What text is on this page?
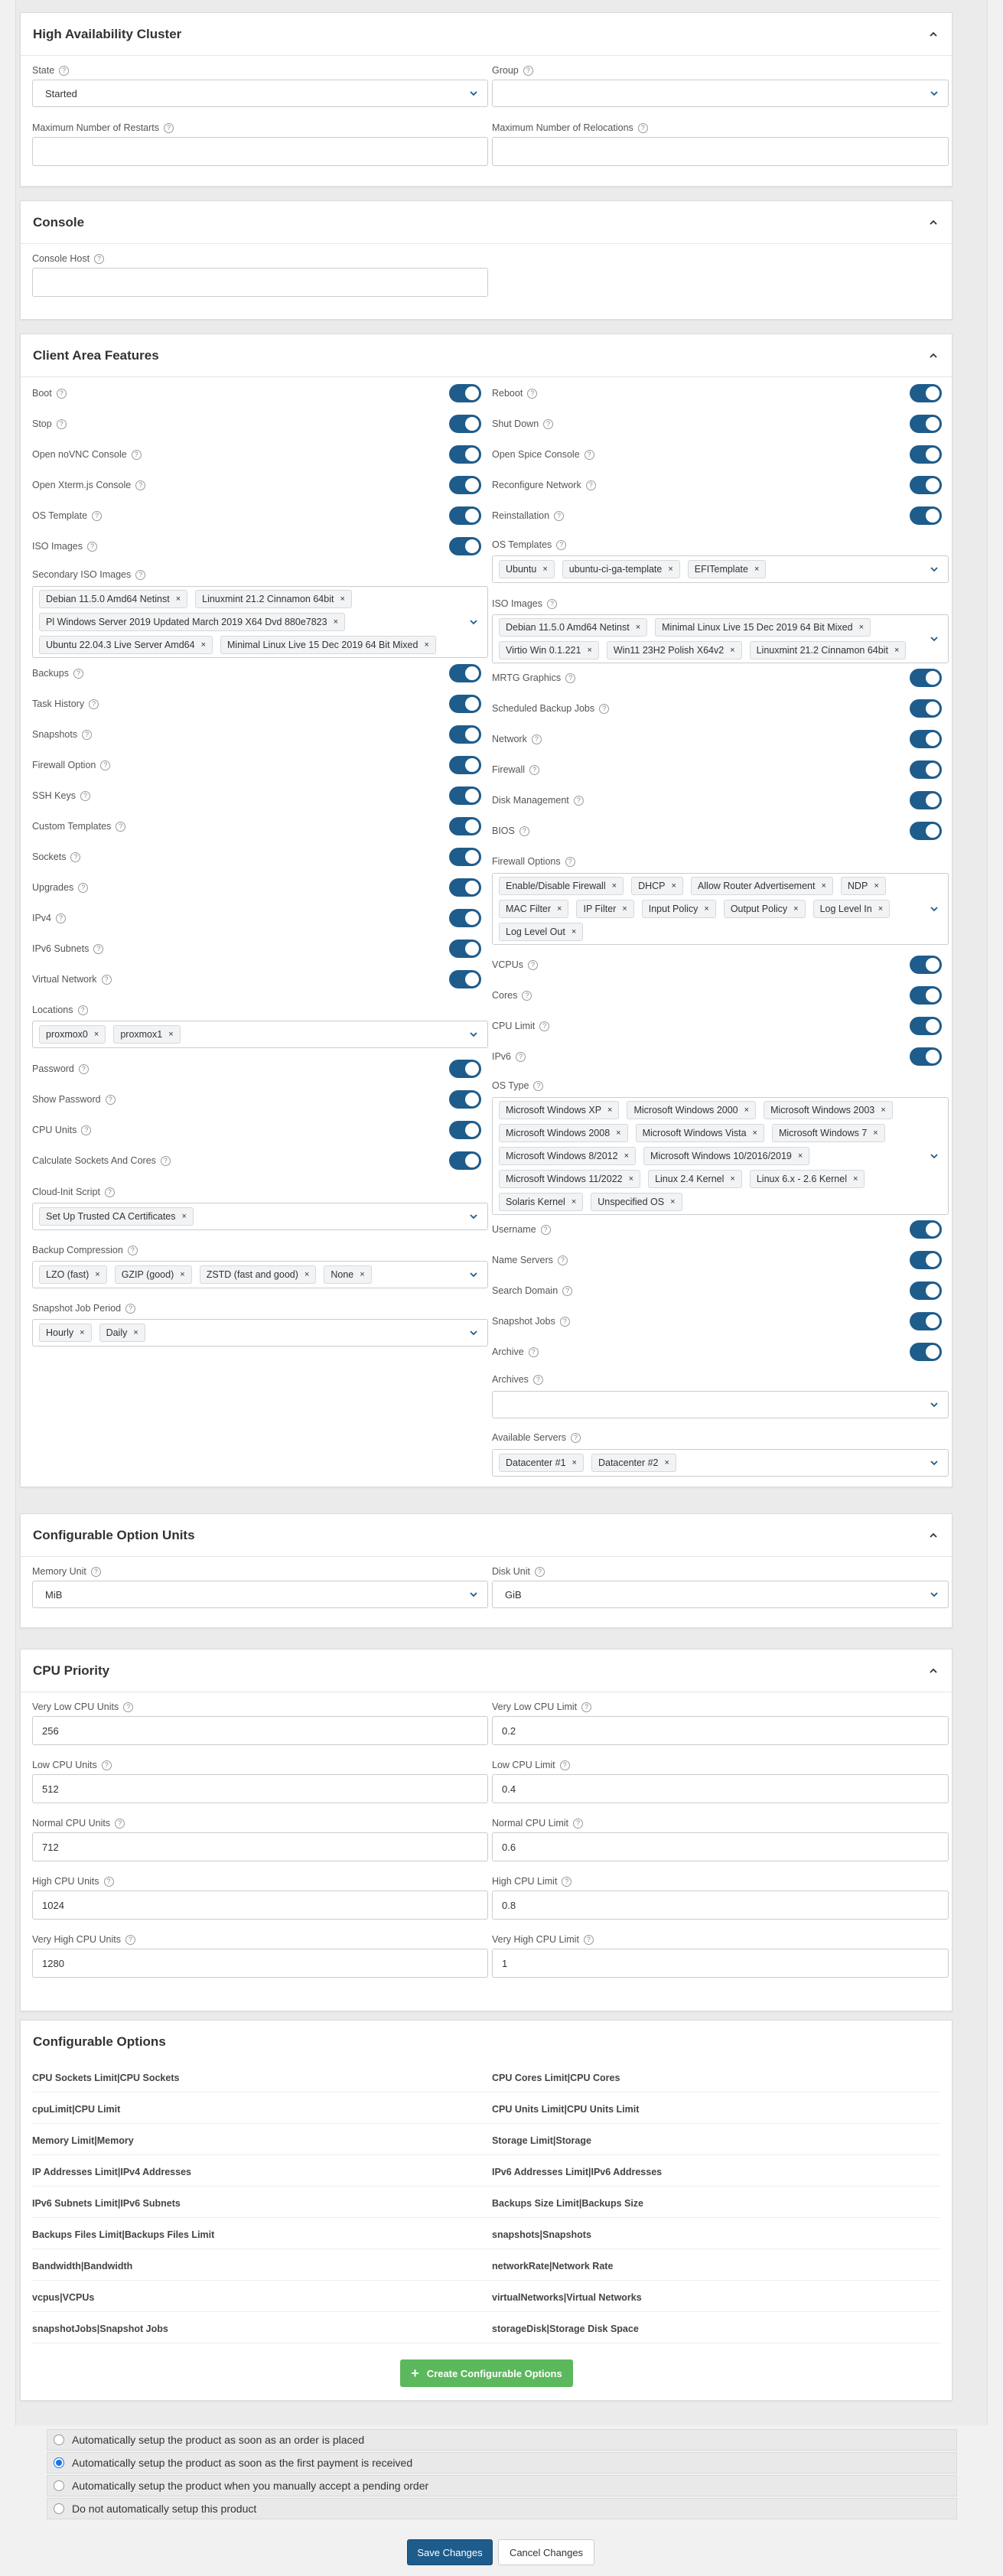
High Availability Cluster
State	?
Started
Group	?
Maximum Number of Restarts	?	Maximum Number of Relocations	?
Console
Console Host	?
Client Area Features
Boot	?
Stop	?
Open noVNC Console	?
Open Xterm.js Console	?
OS Template	?
ISO Images	?
Secondary ISO Images	?
Debian 11.5.0 Amd64 Netinst × Linuxmint 21.2 Cinnamon 64bit ×
Pl Windows Server 2019 Updated March 2019 X64 Dvd 880e7823 ×
Ubuntu 22.04.3 Live Server Amd64 × Minimal Linux Live 15 Dec 2019 64 Bit Mixed ×
Backups	?
Task History	?
Snapshots	?
Firewall Option	?
SSH Keys	?
Custom Templates	?
Sockets	?
Upgrades	?
IPv4	?
IPv6 Subnets	?
Virtual Network	?
Locations	?
proxmox0 × proxmox1 ×
Password	?
Show Password	?
CPU Units	?
Calculate Sockets And Cores	?
Cloud-Init Script	?
Set Up Trusted CA Certificates ×
Backup Compression	?
LZO (fast) × GZIP (good) × ZSTD (fast and good) × None ×
Snapshot Job Period	?
Hourly × Daily ×
Reboot	?
Shut Down	?
Open Spice Console	?
Reconfigure Network	?
Reinstallation	?
OS Templates	?
Ubuntu × ubuntu-ci-ga-template × EFITemplate ×
ISO Images	?
Debian 11.5.0 Amd64 Netinst × Minimal Linux Live 15 Dec 2019 64 Bit Mixed ×
Virtio Win 0.1.221 × Win11 23H2 Polish X64v2 × Linuxmint 21.2 Cinnamon 64bit ×
MRTG Graphics	?
Scheduled Backup Jobs	?
Network	?
Firewall	?
Disk Management	?
BIOS	?
Firewall Options	?
Enable/Disable Firewall × DHCP × Allow Router Advertisement × NDP ×
MAC Filter × IP Filter × Input Policy × Output Policy × Log Level In ×
Log Level Out ×
VCPUs	?
Cores	?
CPU Limit	?
IPv6	?
OS Type	?
Microsoft Windows XP × Microsoft Windows 2000 × Microsoft Windows 2003 ×
Microsoft Windows 2008 × Microsoft Windows Vista × Microsoft Windows 7 ×
Microsoft Windows 8/2012 × Microsoft Windows 10/2016/2019 ×
Microsoft Windows 11/2022 × Linux 2.4 Kernel × Linux 6.x - 2.6 Kernel ×
Solaris Kernel × Unspecified OS ×
Username	?
Name Servers	?
Search Domain	?
Snapshot Jobs	?
Archive	?
Archives	?
Available Servers	?
Datacenter #1 × Datacenter #2 ×
Configurable Option Units
Memory Unit	?
MiB
Disk Unit	?
GiB
CPU Priority
Very Low CPU Units	?
256
Very Low CPU Limit	?
0.2
Low CPU Units	?
512
Low CPU Limit	?
0.4
Normal CPU Units	?
712
Normal CPU Limit	?
0.6
High CPU Units	?
1024
High CPU Limit	?
0.8
Very High CPU Units	?
1280
Very High CPU Limit	?
1
Configurable Options
CPU Sockets Limit|CPU Sockets	CPU Cores Limit|CPU Cores
cpuLimit|CPU Limit	CPU Units Limit|CPU Units Limit
Memory Limit|Memory	Storage Limit|Storage
IP Addresses Limit|IPv4 Addresses	IPv6 Addresses Limit|IPv6 Addresses
IPv6 Subnets Limit|IPv6 Subnets	Backups Size Limit|Backups Size
Backups Files Limit|Backups Files Limit	snapshots|Snapshots
Bandwidth|Bandwidth	networkRate|Network Rate
vcpus|VCPUs	virtualNetworks|Virtual Networks
snapshotJobs|Snapshot Jobs	storageDisk|Storage Disk Space
+ Create Configurable Options
Automatically setup the product as soon as an order is placed
Automatically setup the product as soon as the first payment is received
Automatically setup the product when you manually accept a pending order
Do not automatically setup this product
Save Changes	Cancel Changes
